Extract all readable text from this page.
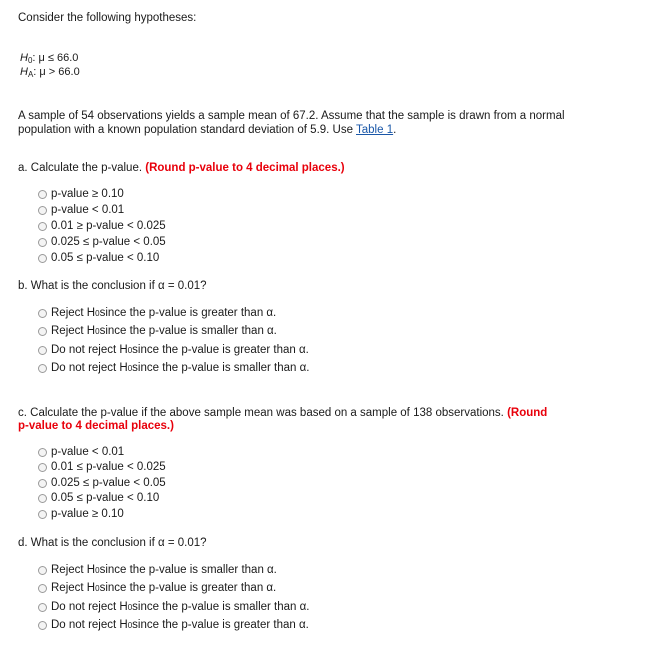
Consider the following hypotheses:
$H_0$: μ ≤ 66.0
$H_A$: μ > 66.0
A sample of 54 observations yields a sample mean of 67.2. Assume that the sample is drawn from a normal population with a known population standard deviation of 5.9. Use Table 1.
a. Calculate the p-value. (Round p-value to 4 decimal places.)
p-value ≥ 0.10
p-value < 0.01
0.01 ≥ p-value < 0.025
0.025 ≤ p-value < 0.05
0.05 ≤ p-value < 0.10
b. What is the conclusion if α = 0.01?
Reject H 0 since the p-value is greater than α.
Reject H 0 since the p-value is smaller than α.
Do not reject H 0 since the p-value is greater than α.
Do not reject H 0 since the p-value is smaller than α.
c. Calculate the p-value if the above sample mean was based on a sample of 138 observations. (Round p-value to 4 decimal places.)
p-value < 0.01
0.01 ≤ p-value < 0.025
0.025 ≤ p-value < 0.05
0.05 ≤ p-value < 0.10
p-value ≥ 0.10
d. What is the conclusion if α = 0.01?
Reject H 0 since the p-value is smaller than α.
Reject H 0 since the p-value is greater than α.
Do not reject H 0 since the p-value is smaller than α.
Do not reject H 0 since the p-value is greater than α.
